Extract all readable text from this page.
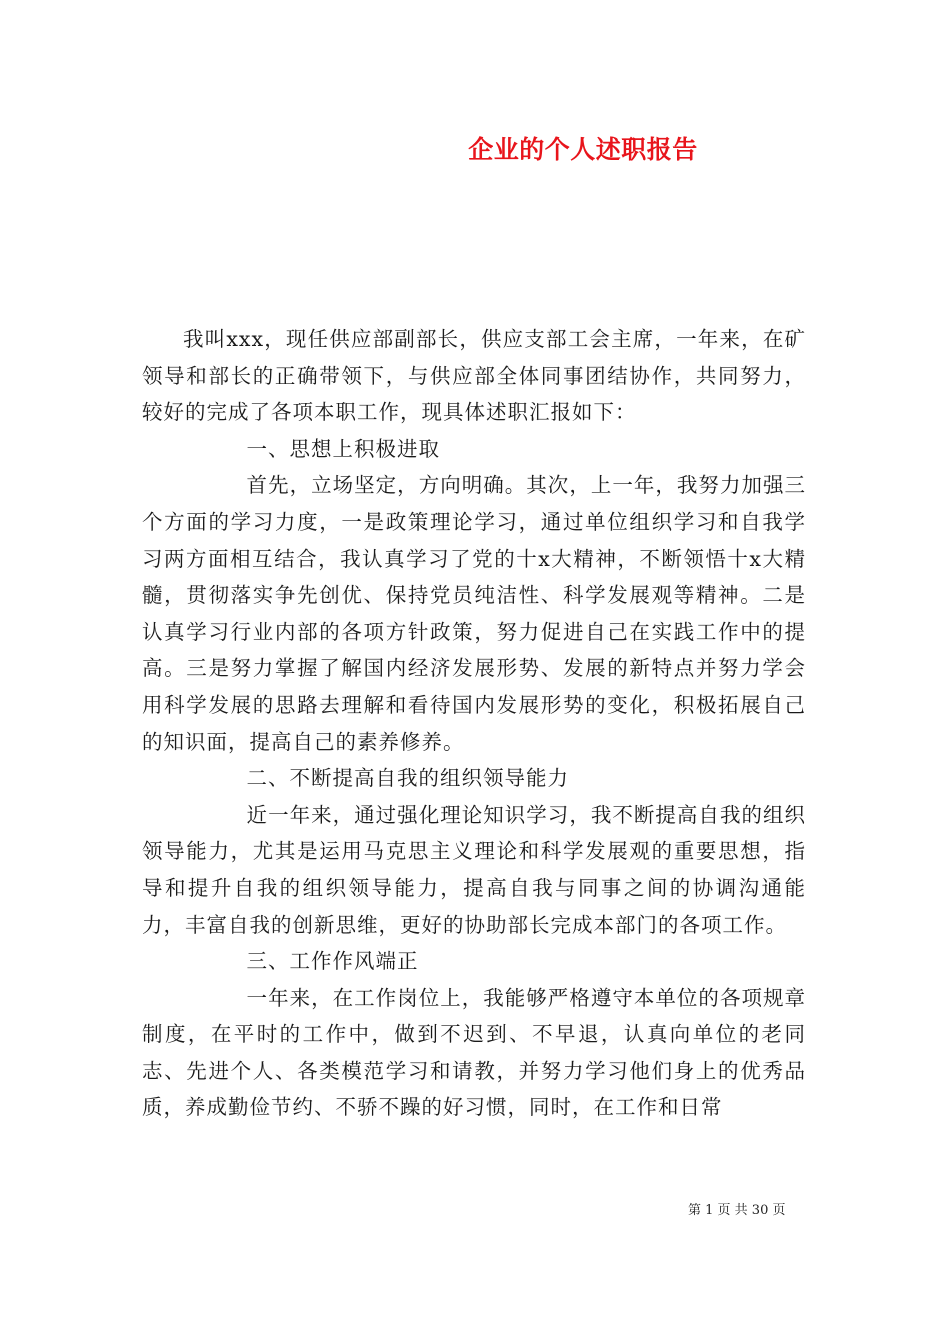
企业的个人述职报告

我叫xxx，现任供应部副部长，供应支部工会主席，一年来，在矿领导和部长的正确带领下，与供应部全体同事团结协作，共同努力，较好的完成了各项本职工作，现具体述职汇报如下：

一、思想上积极进取

首先，立场坚定，方向明确。其次，上一年，我努力加强三个方面的学习力度，一是政策理论学习，通过单位组织学习和自我学习两方面相互结合，我认真学习了党的十x大精神，不断领悟十x大精髓，贯彻落实争先创优、保持党员纯洁性、科学发展观等精神。二是认真学习行业内部的各项方针政策，努力促进自己在实践工作中的提高。三是努力掌握了解国内经济发展形势、发展的新特点并努力学会用科学发展的思路去理解和看待国内发展形势的变化，积极拓展自己的知识面，提高自己的素养修养。

二、不断提高自我的组织领导能力

近一年来，通过强化理论知识学习，我不断提高自我的组织领导能力，尤其是运用马克思主义理论和科学发展观的重要思想，指导和提升自我的组织领导能力，提高自我与同事之间的协调沟通能力，丰富自我的创新思维，更好的协助部长完成本部门的各项工作。

三、工作作风端正

一年来，在工作岗位上，我能够严格遵守本单位的各项规章制度，在平时的工作中，做到不迟到、不早退，认真向单位的老同志、先进个人、各类模范学习和请教，并努力学习他们身上的优秀品质，养成勤俭节约、不骄不躁的好习惯，同时，在工作和日常

第 1 页 共 30 页
